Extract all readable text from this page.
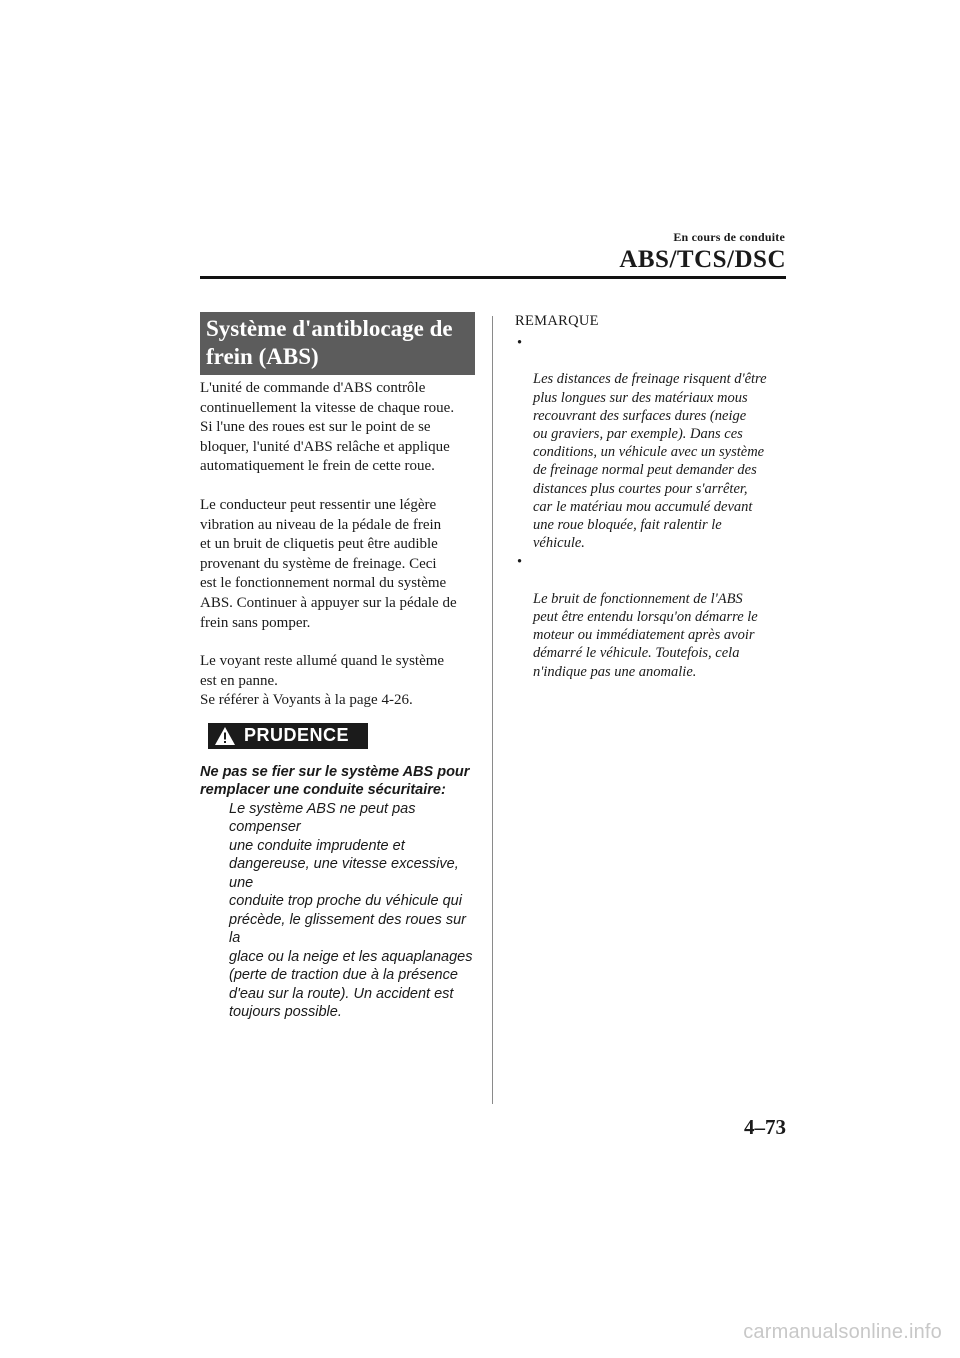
En cours de conduite
ABS/TCS/DSC
Système d'antiblocage de
frein (ABS)

L'unité de commande d'ABS contrôle
continuellement la vitesse de chaque roue.
Si l'une des roues est sur le point de se
bloquer, l'unité d'ABS relâche et applique
automatiquement le frein de cette roue.

Le conducteur peut ressentir une légère
vibration au niveau de la pédale de frein
et un bruit de cliquetis peut être audible
provenant du système de freinage. Ceci
est le fonctionnement normal du système
ABS. Continuer à appuyer sur la pédale de
frein sans pomper.

Le voyant reste allumé quand le système
est en panne.
Se référer à Voyants à la page 4-26.

PRUDENCE

Ne pas se fier sur le système ABS pour
remplacer une conduite sécuritaire:

Le système ABS ne peut pas compenser
une conduite imprudente et
dangereuse, une vitesse excessive, une
conduite trop proche du véhicule qui
précède, le glissement des roues sur la
glace ou la neige et les aquaplanages
(perte de traction due à la présence
d'eau sur la route). Un accident est
toujours possible.

REMARQUE

•

Les distances de freinage risquent d'être
plus longues sur des matériaux mous
recouvrant des surfaces dures (neige
ou graviers, par exemple). Dans ces
conditions, un véhicule avec un système
de freinage normal peut demander des
distances plus courtes pour s'arrêter,
car le matériau mou accumulé devant
une roue bloquée, fait ralentir le
véhicule.

•

Le bruit de fonctionnement de l'ABS
peut être entendu lorsqu'on démarre le
moteur ou immédiatement après avoir
démarré le véhicule. Toutefois, cela
n'indique pas une anomalie.

4–73
carmanualsonline.info
